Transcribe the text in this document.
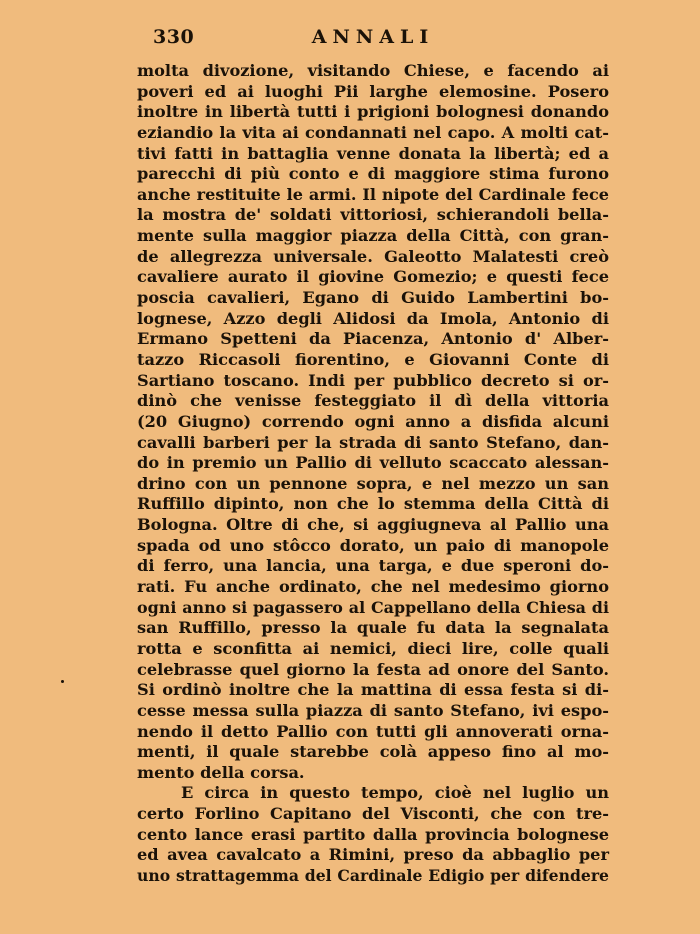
330	ANNALI
molta divozione, visitando Chiese, e facendo ai
poveri ed ai luoghi Pii larghe elemosine. Posero
inoltre in libertà tutti i prigioni bolognesi donando
eziandio la vita ai condannati nel capo. A molti cat-
tivi fatti in battaglia venne donata la libertà; ed a
parecchi di più conto e di maggiore stima furono
anche restituite le armi. Il nipote del Cardinale fece
la mostra de' soldati vittoriosi, schierandoli bella-
mente sulla maggior piazza della Città, con gran-
de allegrezza universale. Galeotto Malatesti creò
cavaliere aurato il giovine Gomezio; e questi fece
poscia cavalieri, Egano di Guido Lambertini bo-
lognese, Azzo degli Alidosi da Imola, Antonio di
Ermano Spetteni da Piacenza, Antonio d' Alber-
tazzo Riccasoli fiorentino, e Giovanni Conte di
Sartiano toscano. Indi per pubblico decreto si or-
dinò che venisse festeggiato il dì della vittoria
(20 Giugno) correndo ogni anno a disfida alcuni
cavalli barberi per la strada di santo Stefano, dan-
do in premio un Pallio di velluto scaccato alessan-
drino con un pennone sopra, e nel mezzo un san
Ruffillo dipinto, non che lo stemma della Città di
Bologna. Oltre di che, si aggiugneva al Pallio una
spada od uno stôcco dorato, un paio di manopole
di ferro, una lancia, una targa, e due speroni do-
rati. Fu anche ordinato, che nel medesimo giorno
ogni anno si pagassero al Cappellano della Chiesa di
san Ruffillo, presso la quale fu data la segnalata
rotta e sconfitta ai nemici, dieci lire, colle quali
celebrasse quel giorno la festa ad onore del Santo.
Si ordinò inoltre che la mattina di essa festa si di-
cesse messa sulla piazza di santo Stefano, ivi espo-
nendo il detto Pallio con tutti gli annoverati orna-
menti, il quale starebbe colà appeso fino al mo-
mento della corsa.
E circa in questo tempo, cioè nel luglio un
certo Forlino Capitano del Visconti, che con tre-
cento lance erasi partito dalla provincia bolognese
ed avea cavalcato a Rimini, preso da abbaglio per
uno strattagemma del Cardinale Edigio per difendere
